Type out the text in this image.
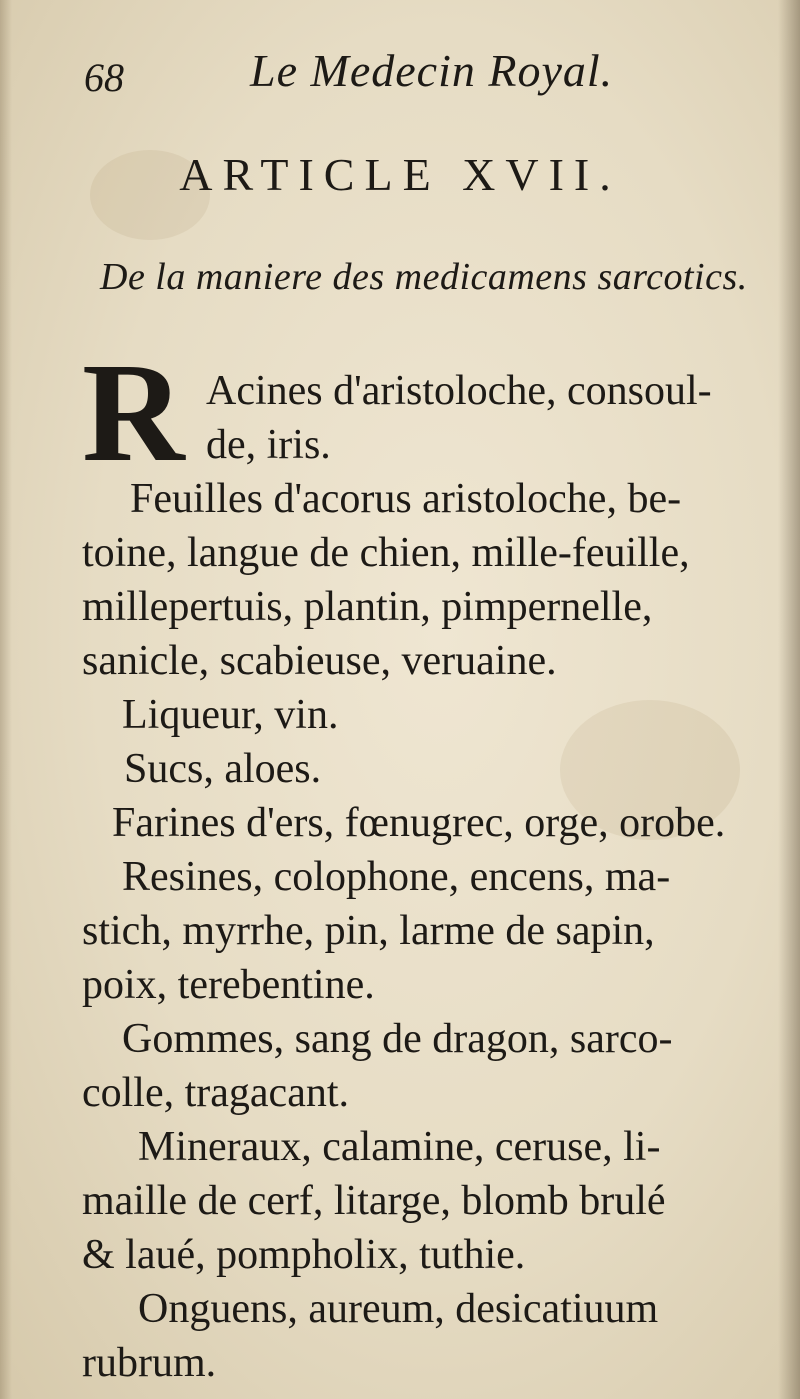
68	Le Medecin Royal.
ARTICLE XVII.
De la maniere des medicamens sarcotics.
R Acines d'aristoloche, consoul-
de, iris.
Feuilles d'acorus aristoloche, be-
toine, langue de chien, mille-feuille,
millepertuis, plantin, pimpernelle,
sanicle, scabieuse, veruaine.
Liqueur, vin.
Sucs, aloes.
Farines d'ers, fœnugrec, orge, orobe.
Resines, colophone, encens, ma-
stich, myrrhe, pin, larme de sapin,
poix, terebentine.
Gommes, sang de dragon, sarco-
colle, tragacant.
Mineraux, calamine, ceruse, li-
maille de cerf, litarge, blomb brulé
& laué, pompholix, tuthie.
Onguens, aureum, desicatiuum
rubrum.
